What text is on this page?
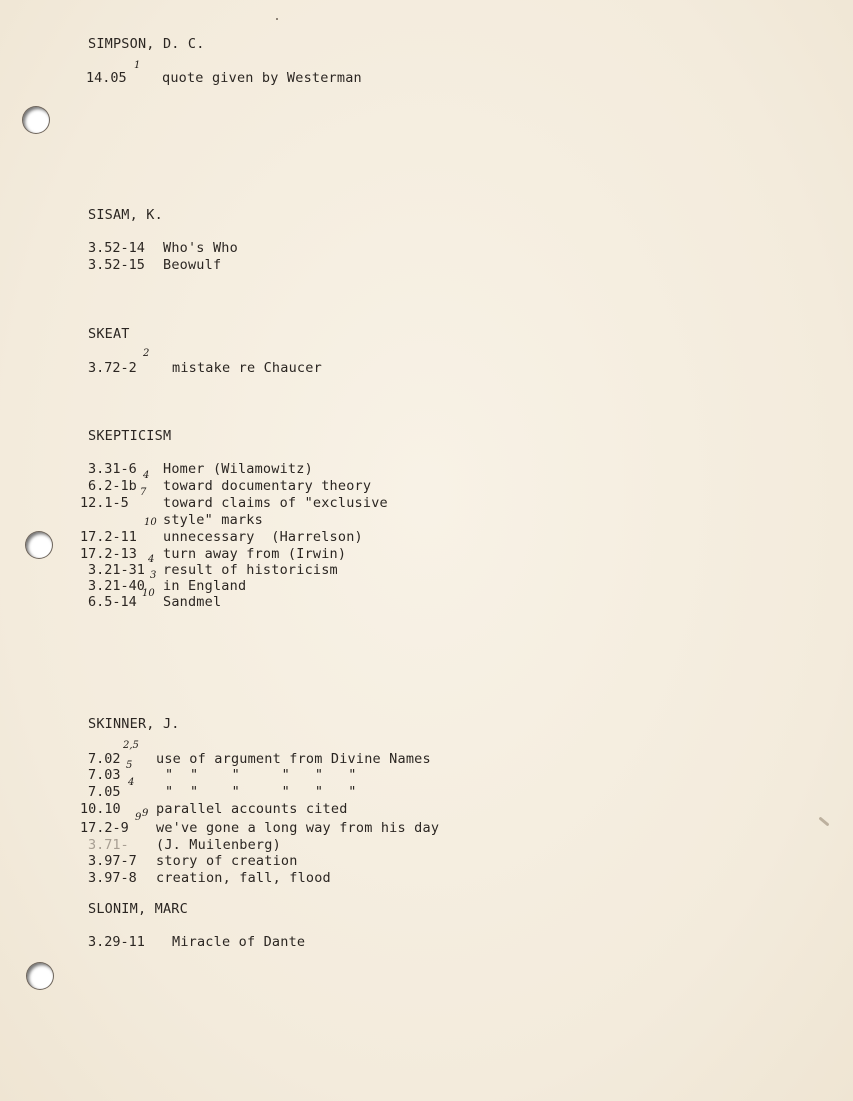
SIMPSON, D. C.
14.05
1
quote given by Westerman
SISAM, K.
3.52-14 Who's Who
3.52-15 Beowulf
SKEAT
3.72-2
2
mistake re Chaucer
SKEPTICISM
3.31-6 Homer (Wilamowitz)
6.2-1b
4
toward documentary theory
12.1-5
7
toward claims of "exclusive
style" marks
17.2-11
10
unnecessary  (Harrelson)
17.2-13 turn away from (Irwin)
3.21-31
4
result of historicism
3.21-40
3
in England
6.5-14
10
Sandmel
SKINNER, J.
7.02
2,5
use of argument from Divine Names
7.03
5
"  "    "     "   "   "
7.05
4
"  "    "     "   "   "
10.10 9 parallel accounts cited
17.2-9
9
we've gone a long way from his day
3.71- (J. Muilenberg)
3.97-7 story of creation
3.97-8 creation, fall, flood
SLONIM, MARC
3.29-11 Miracle of Dante
